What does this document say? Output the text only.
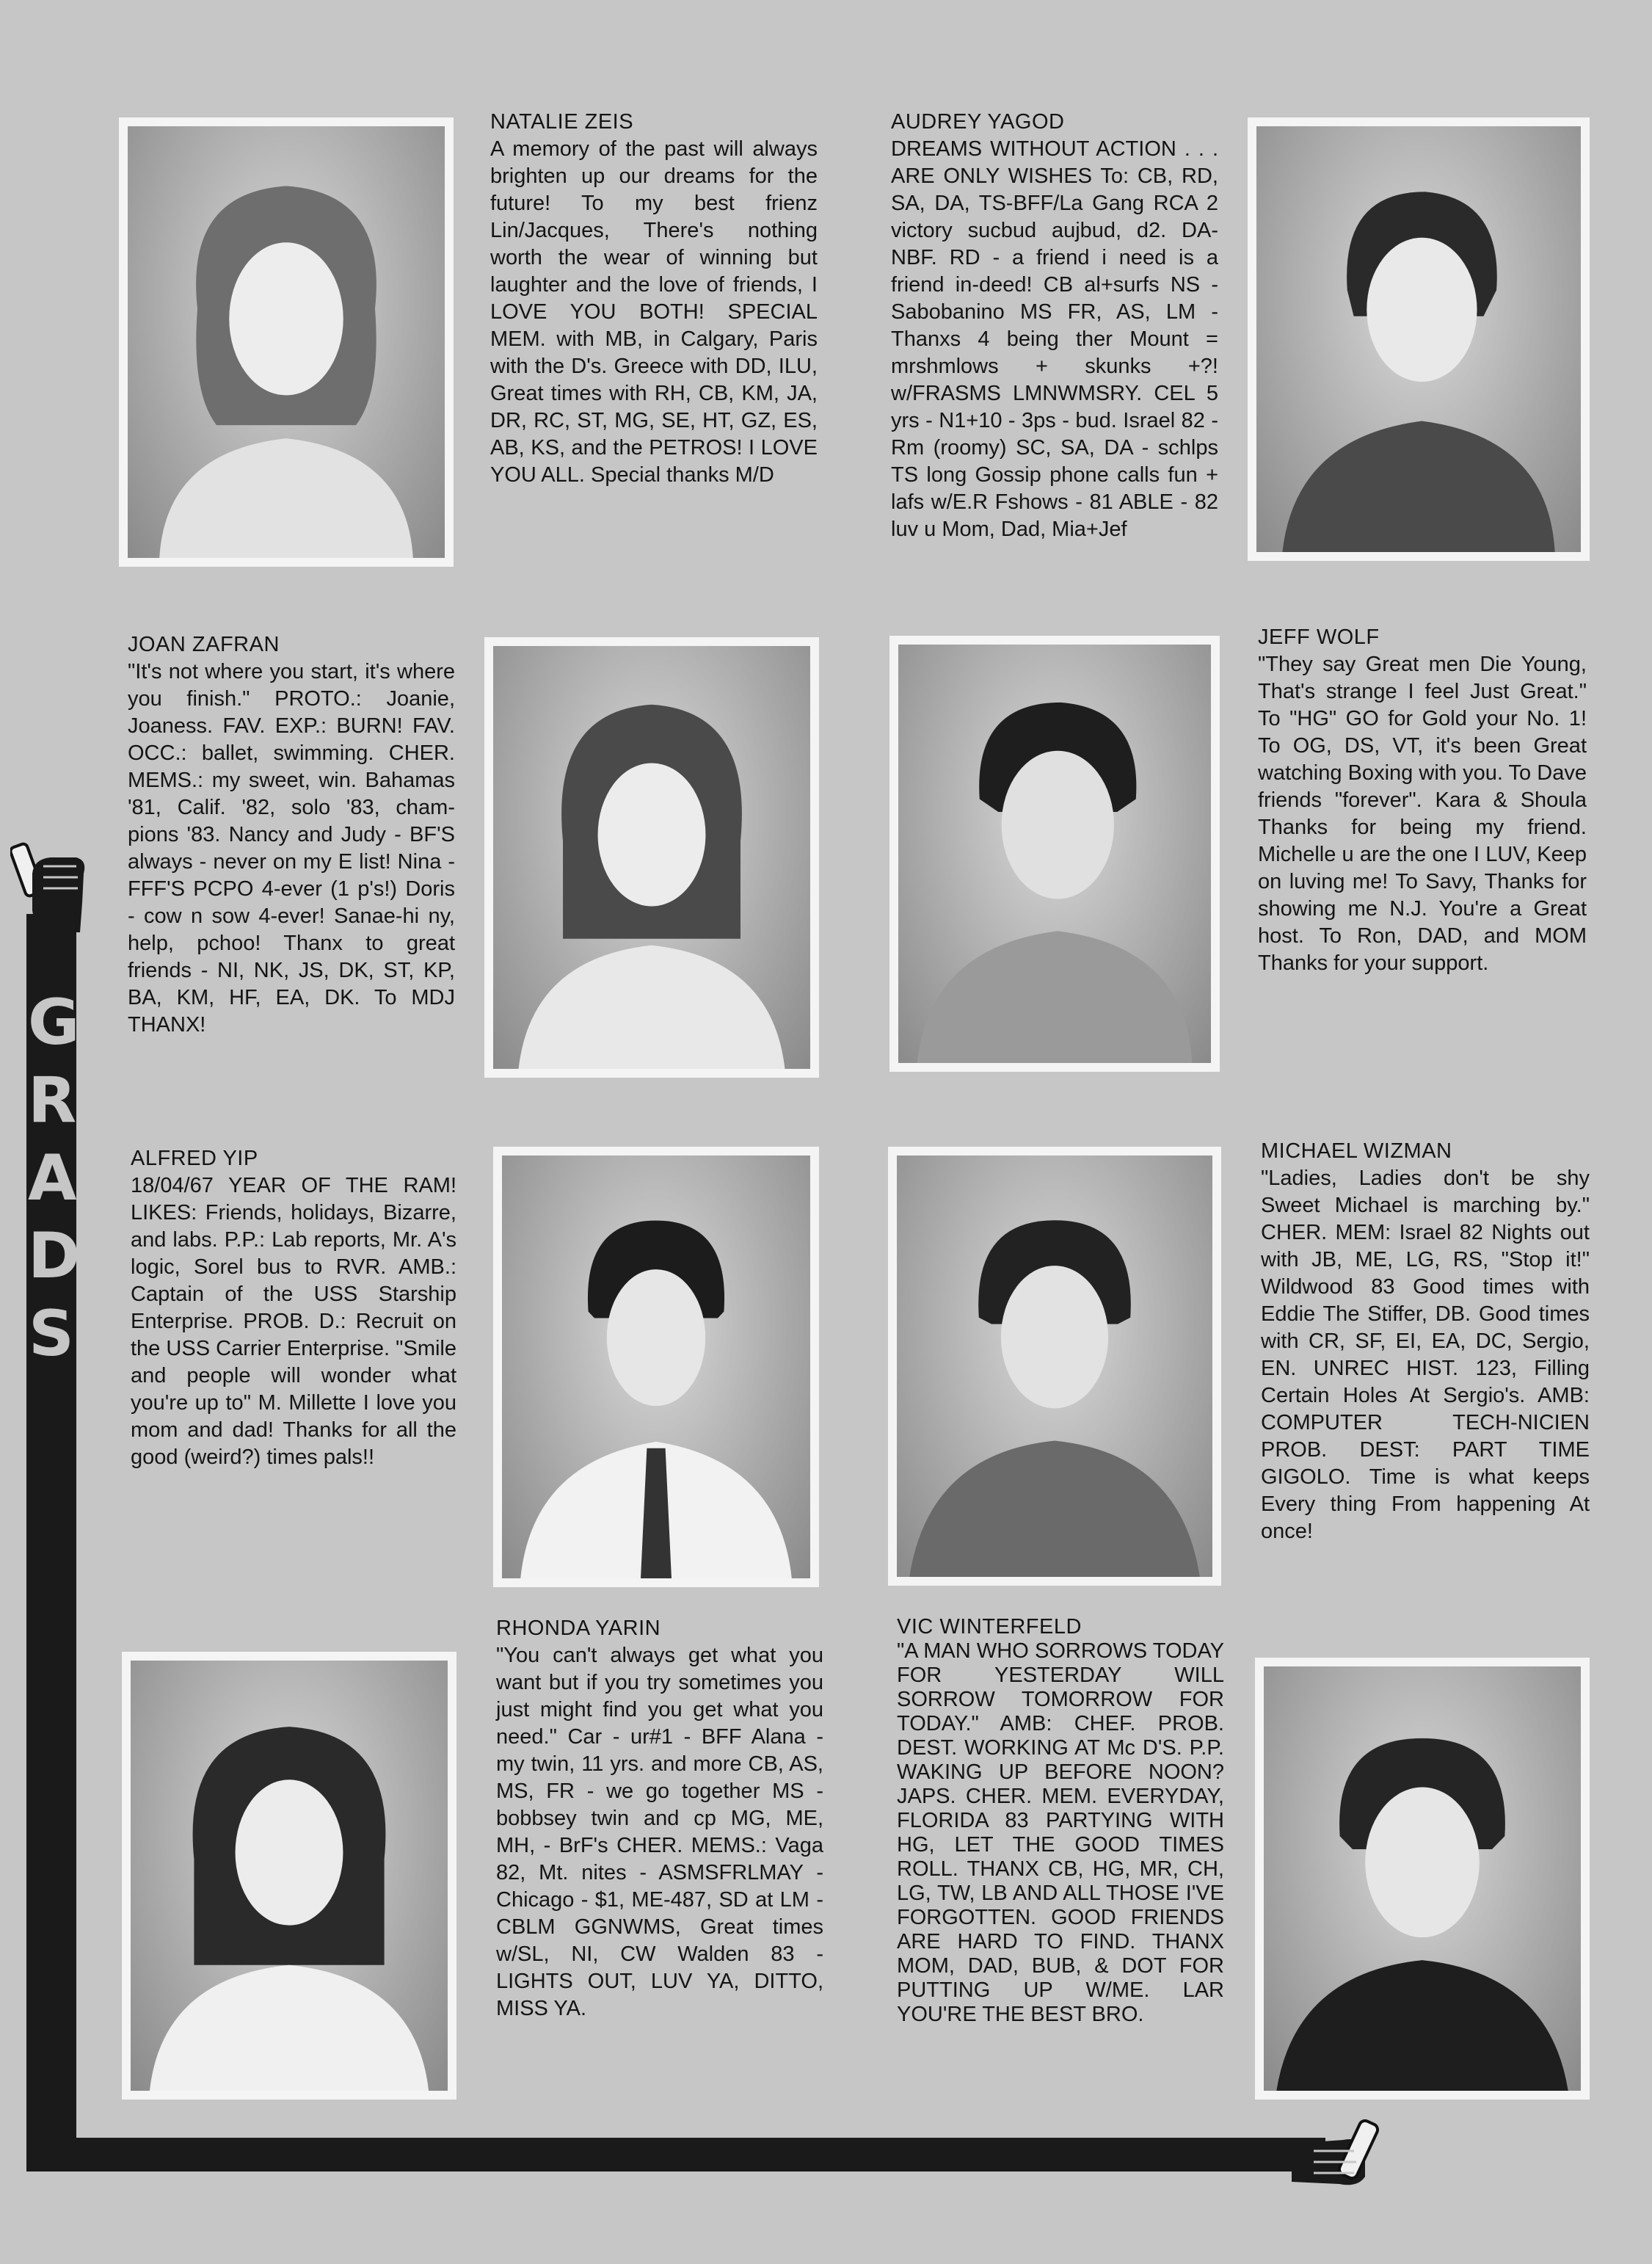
G
R
A
D
S
NATALIE ZEIS
A memory of the past will always brighten up our dreams for the future! To my best frienz Lin/Jacques, There's nothing worth the wear of winning but laughter and the love of friends, I LOVE YOU BOTH! SPECIAL MEM. with MB, in Calgary, Paris with the D's. Greece with DD, ILU, Great times with RH, CB, KM, JA, DR, RC, ST, MG, SE, HT, GZ, ES, AB, KS, and the PETROS! I LOVE YOU ALL. Special thanks M/D
AUDREY YAGOD
DREAMS WITHOUT ACTION . . . ARE ONLY WISHES To: CB, RD, SA, DA, TS-BFF/La Gang RCA 2 victory sucbud aujbud, d2. DA-NBF. RD - a friend i need is a friend in-deed! CB al+surfs NS - Sabobanino MS FR, AS, LM - Thanxs 4 being ther Mount = mrshmlows + skunks +?! w/FRASMS LMNWMSRY. CEL 5 yrs - N1+10 - 3ps - bud. Israel 82 - Rm (roomy) SC, SA, DA - schlps TS long Gossip phone calls fun + lafs w/E.R Fshows - 81 ABLE - 82 luv u Mom, Dad, Mia+Jef
JOAN ZAFRAN
"It's not where you start, it's where you finish." PROTO.: Joanie, Joaness. FAV. EXP.: BURN! FAV. OCC.: ballet, swimming. CHER. MEMS.: my sweet, win. Bahamas '81, Calif. '82, solo '83, cham-pions '83. Nancy and Judy - BF'S always - never on my E list! Nina - FFF'S PCPO 4-ever (1 p's!) Doris - cow n sow 4-ever! Sanae-hi ny, help, pchoo! Thanx to great friends - NI, NK, JS, DK, ST, KP, BA, KM, HF, EA, DK. To MDJ THANX!
JEFF WOLF
"They say Great men Die Young, That's strange I feel Just Great." To "HG" GO for Gold your No. 1! To OG, DS, VT, it's been Great watching Boxing with you. To Dave friends "forever". Kara & Shoula Thanks for being my friend. Michelle u are the one I LUV, Keep on luving me! To Savy, Thanks for showing me N.J. You're a Great host. To Ron, DAD, and MOM Thanks for your support.
ALFRED YIP
18/04/67 YEAR OF THE RAM! LIKES: Friends, holidays, Bizarre, and labs. P.P.: Lab reports, Mr. A's logic, Sorel bus to RVR. AMB.: Captain of the USS Starship Enterprise. PROB. D.: Recruit on the USS Carrier Enterprise. "Smile and people will wonder what you're up to" M. Millette I love you mom and dad! Thanks for all the good (weird?) times pals!!
MICHAEL WIZMAN
"Ladies, Ladies don't be shy Sweet Michael is marching by." CHER. MEM: Israel 82 Nights out with JB, ME, LG, RS, "Stop it!" Wildwood 83 Good times with Eddie The Stiffer, DB. Good times with CR, SF, EI, EA, DC, Sergio, EN. UNREC HIST. 123, Filling Certain Holes At Sergio's. AMB: COMPUTER TECH-NICIEN PROB. DEST: PART TIME GIGOLO. Time is what keeps Every thing From happening At once!
RHONDA YARIN
"You can't always get what you want but if you try sometimes you just might find you get what you need." Car - ur#1 - BFF Alana - my twin, 11 yrs. and more CB, AS, MS, FR - we go together MS - bobbsey twin and cp MG, ME, MH, - BrF's CHER. MEMS.: Vaga 82, Mt. nites - ASMSFRLMAY - Chicago - $1, ME-487, SD at LM - CBLM GGNWMS, Great times w/SL, NI, CW Walden 83 - LIGHTS OUT, LUV YA, DITTO, MISS YA.
VIC WINTERFELD
"A MAN WHO SORROWS TODAY FOR YESTERDAY WILL SORROW TOMORROW FOR TODAY." AMB: CHEF. PROB. DEST. WORKING AT Mc D'S. P.P. WAKING UP BEFORE NOON? JAPS. CHER. MEM. EVERYDAY, FLORIDA 83 PARTYING WITH HG, LET THE GOOD TIMES ROLL. THANX CB, HG, MR, CH, LG, TW, LB AND ALL THOSE I'VE FORGOTTEN. GOOD FRIENDS ARE HARD TO FIND. THANX MOM, DAD, BUB, & DOT FOR PUTTING UP W/ME. LAR YOU'RE THE BEST BRO.
